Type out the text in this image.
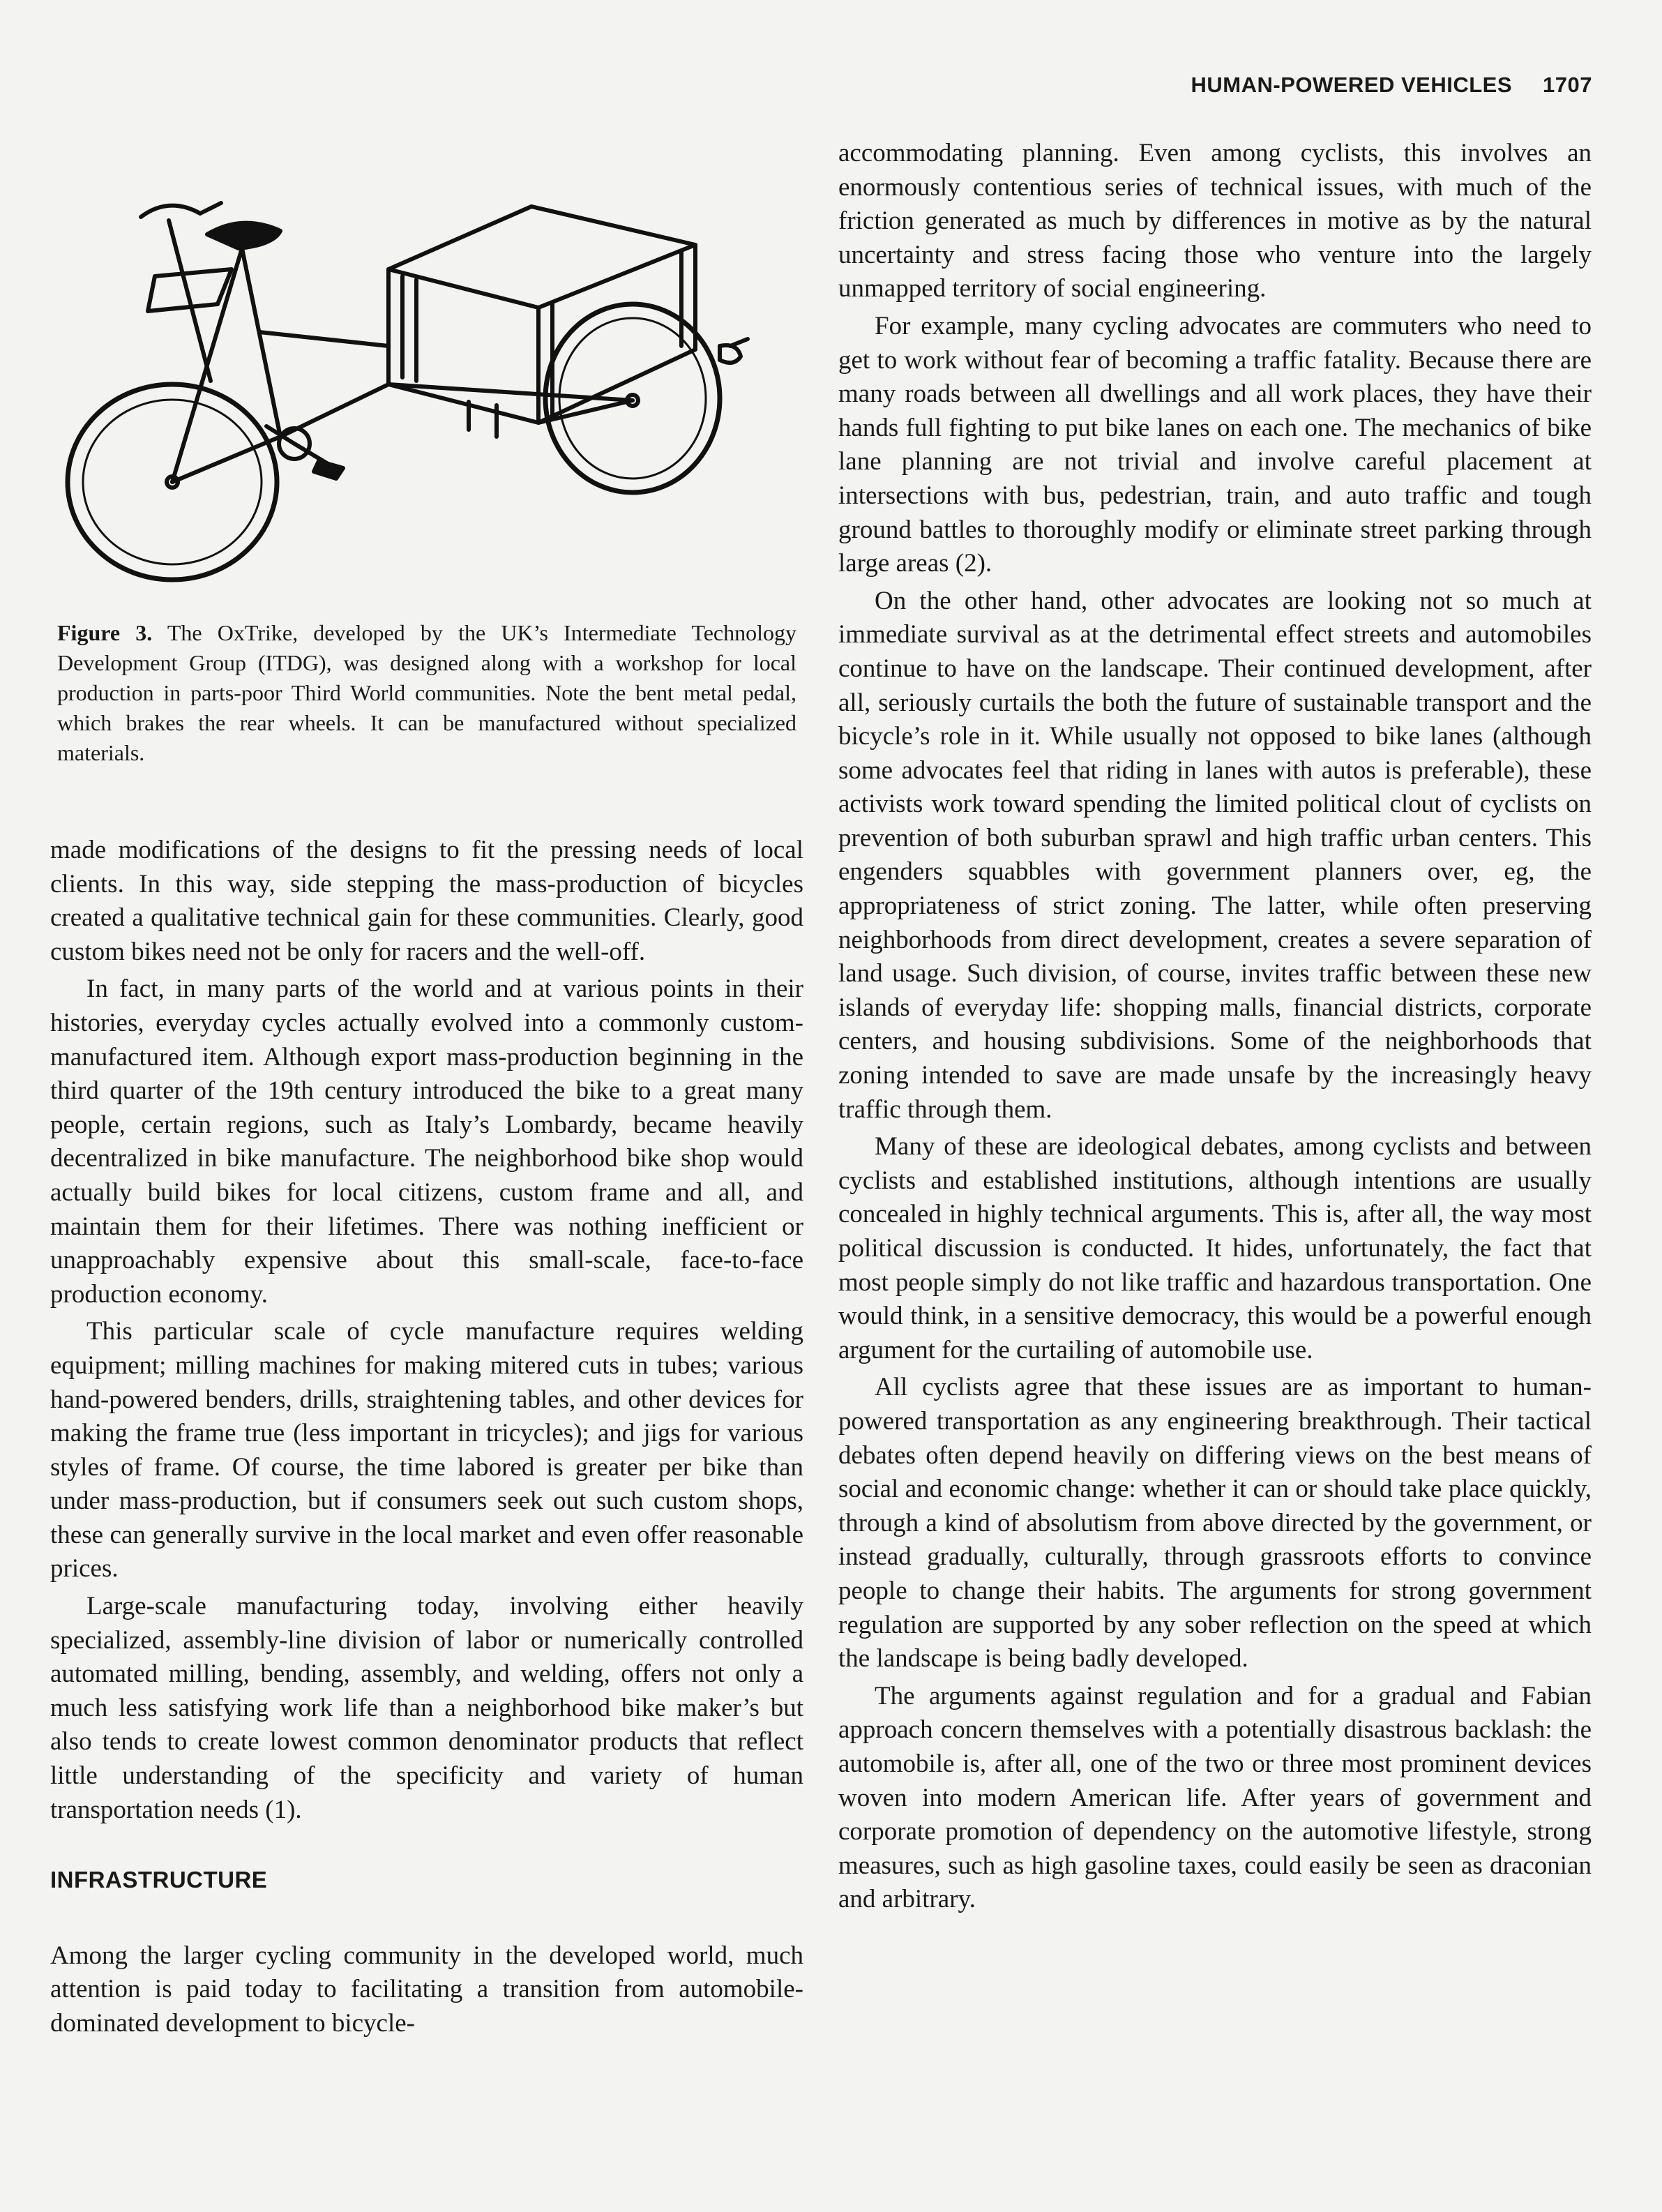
HUMAN-POWERED VEHICLES 1707
Figure 3. The OxTrike, developed by the UK’s Intermediate Technology Development Group (ITDG), was designed along with a workshop for local production in parts-poor Third World communities. Note the bent metal pedal, which brakes the rear wheels. It can be manufactured without specialized materials.

made modifications of the designs to fit the pressing needs of local clients. In this way, side stepping the mass-production of bicycles created a qualitative technical gain for these communities. Clearly, good custom bikes need not be only for racers and the well-off.

In fact, in many parts of the world and at various points in their histories, everyday cycles actually evolved into a commonly custom-manufactured item. Although export mass-production beginning in the third quarter of the 19th century introduced the bike to a great many people, certain regions, such as Italy’s Lombardy, became heavily decentralized in bike manufacture. The neighborhood bike shop would actually build bikes for local citizens, custom frame and all, and maintain them for their lifetimes. There was nothing inefficient or unapproachably expensive about this small-scale, face-to-face production economy.

This particular scale of cycle manufacture requires welding equipment; milling machines for making mitered cuts in tubes; various hand-powered benders, drills, straightening tables, and other devices for making the frame true (less important in tricycles); and jigs for various styles of frame. Of course, the time labored is greater per bike than under mass-production, but if consumers seek out such custom shops, these can generally survive in the local market and even offer reasonable prices.

Large-scale manufacturing today, involving either heavily specialized, assembly-line division of labor or numerically controlled automated milling, bending, assembly, and welding, offers not only a much less satisfying work life than a neighborhood bike maker’s but also tends to create lowest common denominator products that reflect little understanding of the specificity and variety of human transportation needs (1).

INFRASTRUCTURE

Among the larger cycling community in the developed world, much attention is paid today to facilitating a transition from automobile-dominated development to bicycle-

accommodating planning. Even among cyclists, this involves an enormously contentious series of technical issues, with much of the friction generated as much by differences in motive as by the natural uncertainty and stress facing those who venture into the largely unmapped territory of social engineering.

For example, many cycling advocates are commuters who need to get to work without fear of becoming a traffic fatality. Because there are many roads between all dwellings and all work places, they have their hands full fighting to put bike lanes on each one. The mechanics of bike lane planning are not trivial and involve careful placement at intersections with bus, pedestrian, train, and auto traffic and tough ground battles to thoroughly modify or eliminate street parking through large areas (2).

On the other hand, other advocates are looking not so much at immediate survival as at the detrimental effect streets and automobiles continue to have on the landscape. Their continued development, after all, seriously curtails the both the future of sustainable transport and the bicycle’s role in it. While usually not opposed to bike lanes (although some advocates feel that riding in lanes with autos is preferable), these activists work toward spending the limited political clout of cyclists on prevention of both suburban sprawl and high traffic urban centers. This engenders squabbles with government planners over, eg, the appropriateness of strict zoning. The latter, while often preserving neighborhoods from direct development, creates a severe separation of land usage. Such division, of course, invites traffic between these new islands of everyday life: shopping malls, financial districts, corporate centers, and housing subdivisions. Some of the neighborhoods that zoning intended to save are made unsafe by the increasingly heavy traffic through them.

Many of these are ideological debates, among cyclists and between cyclists and established institutions, although intentions are usually concealed in highly technical arguments. This is, after all, the way most political discussion is conducted. It hides, unfortunately, the fact that most people simply do not like traffic and hazardous transportation. One would think, in a sensitive democracy, this would be a powerful enough argument for the curtailing of automobile use.

All cyclists agree that these issues are as important to human-powered transportation as any engineering breakthrough. Their tactical debates often depend heavily on differing views on the best means of social and economic change: whether it can or should take place quickly, through a kind of absolutism from above directed by the government, or instead gradually, culturally, through grassroots efforts to convince people to change their habits. The arguments for strong government regulation are supported by any sober reflection on the speed at which the landscape is being badly developed.

The arguments against regulation and for a gradual and Fabian approach concern themselves with a potentially disastrous backlash: the automobile is, after all, one of the two or three most prominent devices woven into modern American life. After years of government and corporate promotion of dependency on the automotive lifestyle, strong measures, such as high gasoline taxes, could easily be seen as draconian and arbitrary.
